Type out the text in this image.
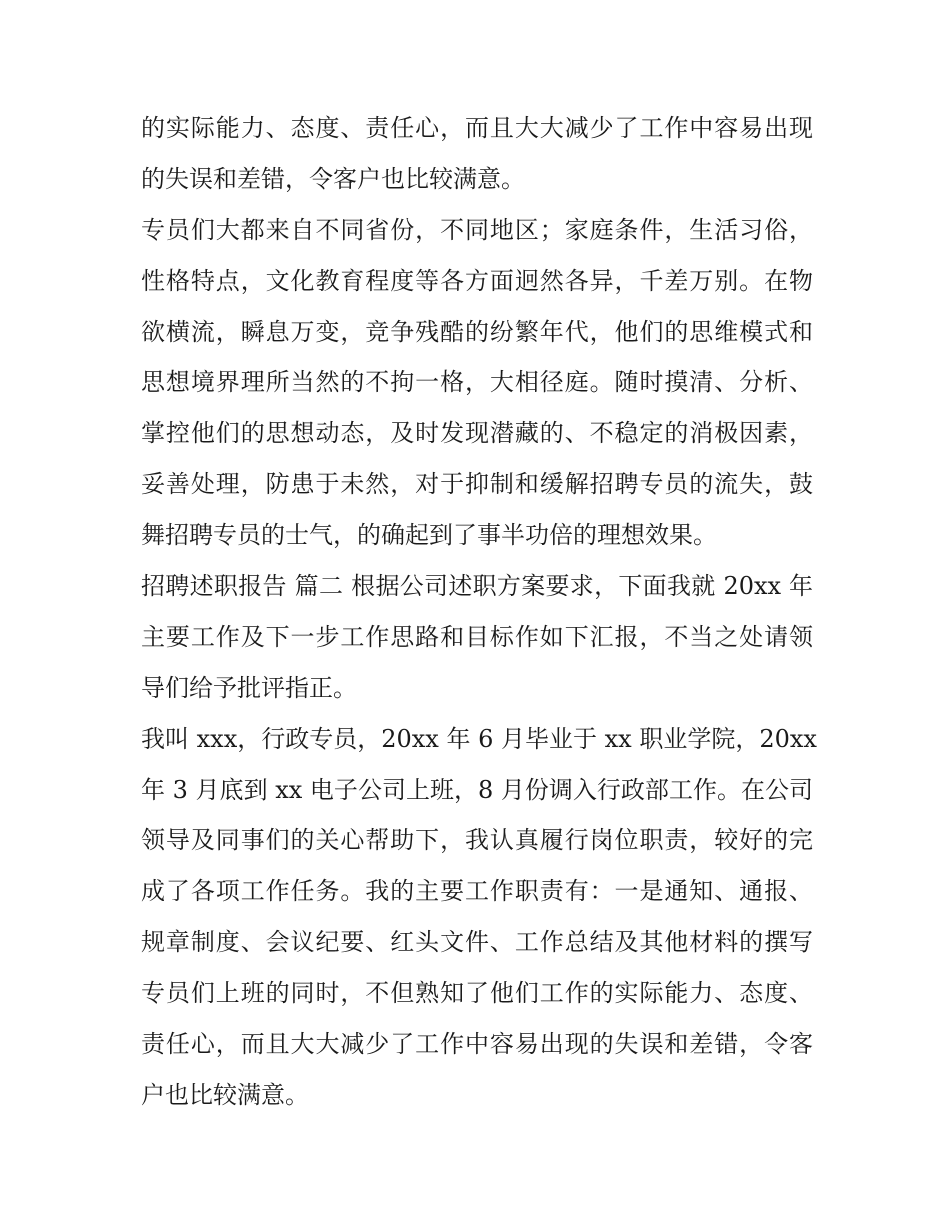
的实际能力、态度、责任心，而且大大减少了工作中容易出现
的失误和差错，令客户也比较满意。
专员们大都来自不同省份，不同地区；家庭条件，生活习俗，
性格特点，文化教育程度等各方面迥然各异，千差万别。在物
欲横流，瞬息万变，竞争残酷的纷繁年代，他们的思维模式和
思想境界理所当然的不拘一格，大相径庭。随时摸清、分析、
掌控他们的思想动态，及时发现潜藏的、不稳定的消极因素，
妥善处理，防患于未然，对于抑制和缓解招聘专员的流失，鼓
舞招聘专员的士气，的确起到了事半功倍的理想效果。
招聘述职报告 篇二 根据公司述职方案要求，下面我就 20xx 年
主要工作及下一步工作思路和目标作如下汇报，不当之处请领
导们给予批评指正。
我叫 xxx，行政专员，20xx 年 6 月毕业于 xx 职业学院，20xx
年 3 月底到 xx 电子公司上班，8 月份调入行政部工作。在公司
领导及同事们的关心帮助下，我认真履行岗位职责，较好的完
成了各项工作任务。我的主要工作职责有：一是通知、通报、
规章制度、会议纪要、红头文件、工作总结及其他材料的撰写
专员们上班的同时，不但熟知了他们工作的实际能力、态度、
责任心，而且大大减少了工作中容易出现的失误和差错，令客
户也比较满意。
